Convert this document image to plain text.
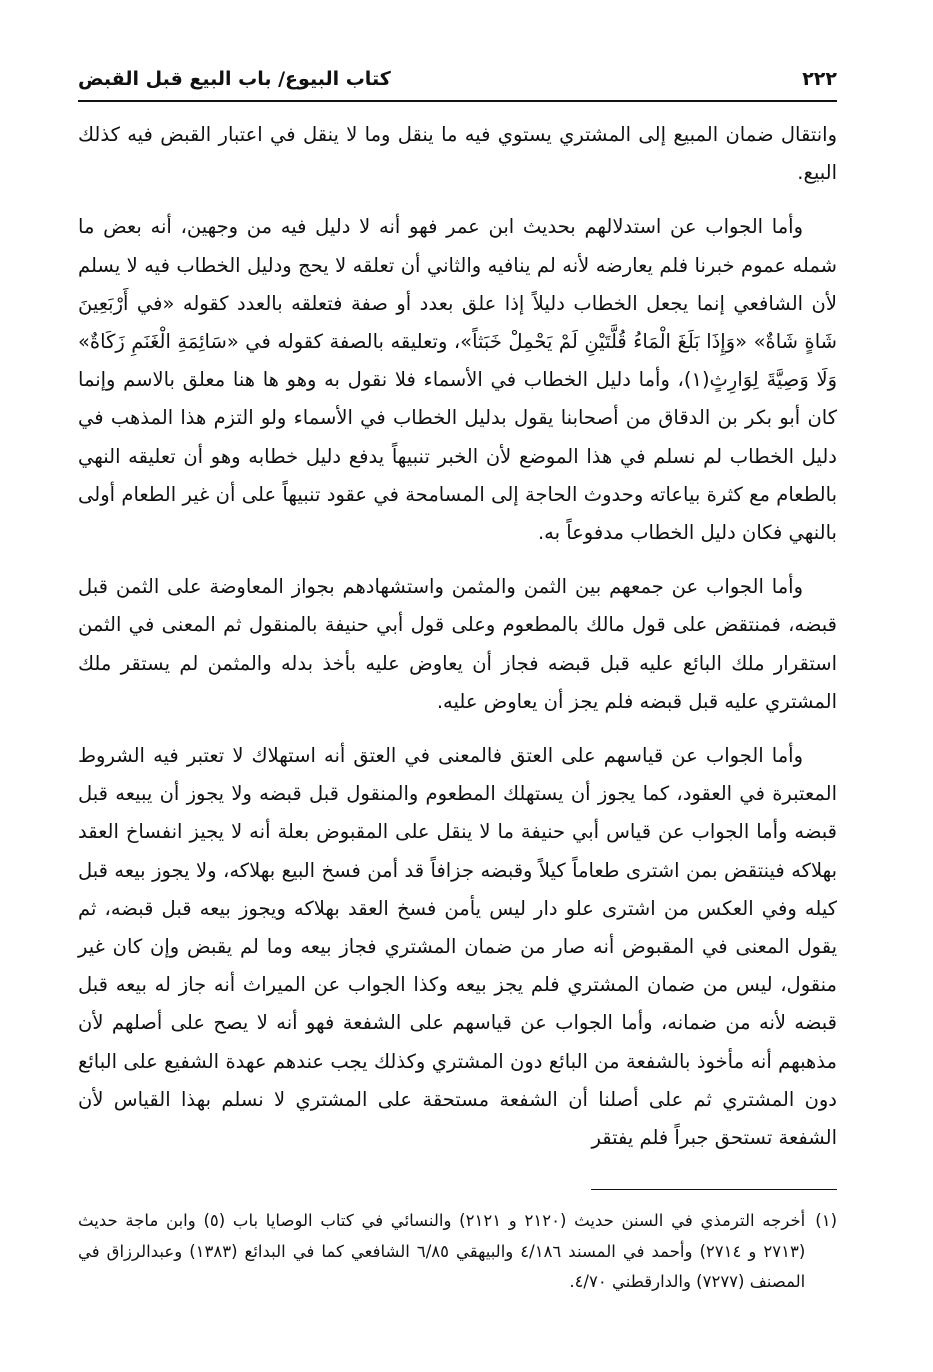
٢٢٢
كتاب البيوع/ باب البيع قبل القبض

وانتقال ضمان المبيع إلى المشتري يستوي فيه ما ينقل وما لا ينقل في اعتبار القبض فيه كذلك البيع.

وأما الجواب عن استدلالهم بحديث ابن عمر فهو أنه لا دليل فيه من وجهين، أنه بعض ما شمله عموم خبرنا فلم يعارضه لأنه لم ينافيه والثاني أن تعلقه لا يحج ودليل الخطاب فيه لا يسلم لأن الشافعي إنما يجعل الخطاب دليلاً إذا علق بعدد أو صفة فتعلقه بالعدد كقوله «في أَرْبَعِينَ شَاةٍ شَاةٌ» «وَإِذَا بَلَغَ الْمَاءُ قُلَّتَيْنِ لَمْ يَحْمِلْ خَبَثاً»، وتعليقه بالصفة كقوله في «سَائِمَةِ الْغَنَمِ زَكَاةٌ» وَلَا وَصِيَّةَ لِوَارِثٍ(١)، وأما دليل الخطاب في الأسماء فلا نقول به وهو ها هنا معلق بالاسم وإنما كان أبو بكر بن الدقاق من أصحابنا يقول بدليل الخطاب في الأسماء ولو التزم هذا المذهب في دليل الخطاب لم نسلم في هذا الموضع لأن الخبر تنبيهاً يدفع دليل خطابه وهو أن تعليقه النهي بالطعام مع كثرة بياعاته وحدوث الحاجة إلى المسامحة في عقود تنبيهاً على أن غير الطعام أولى بالنهي فكان دليل الخطاب مدفوعاً به.

وأما الجواب عن جمعهم بين الثمن والمثمن واستشهادهم بجواز المعاوضة على الثمن قبل قبضه، فمنتقض على قول مالك بالمطعوم وعلى قول أبي حنيفة بالمنقول ثم المعنى في الثمن استقرار ملك البائع عليه قبل قبضه فجاز أن يعاوض عليه بأخذ بدله والمثمن لم يستقر ملك المشتري عليه قبل قبضه فلم يجز أن يعاوض عليه.

وأما الجواب عن قياسهم على العتق فالمعنى في العتق أنه استهلاك لا تعتبر فيه الشروط المعتبرة في العقود، كما يجوز أن يستهلك المطعوم والمنقول قبل قبضه ولا يجوز أن يبيعه قبل قبضه وأما الجواب عن قياس أبي حنيفة ما لا ينقل على المقبوض بعلة أنه لا يجيز انفساخ العقد بهلاكه فينتقض بمن اشترى طعاماً كيلاً وقبضه جزافاً قد أمن فسخ البيع بهلاكه، ولا يجوز بيعه قبل كيله وفي العكس من اشترى علو دار ليس يأمن فسخ العقد بهلاكه ويجوز بيعه قبل قبضه، ثم يقول المعنى في المقبوض أنه صار من ضمان المشتري فجاز بيعه وما لم يقبض وإن كان غير منقول، ليس من ضمان المشتري فلم يجز بيعه وكذا الجواب عن الميراث أنه جاز له بيعه قبل قبضه لأنه من ضمانه، وأما الجواب عن قياسهم على الشفعة فهو أنه لا يصح على أصلهم لأن مذهبهم أنه مأخوذ بالشفعة من البائع دون المشتري وكذلك يجب عندهم عهدة الشفيع على البائع دون المشتري ثم على أصلنا أن الشفعة مستحقة على المشتري لا نسلم بهذا القياس لأن الشفعة تستحق جبراً فلم يفتقر

(١)
أخرجه الترمذي في السنن حديث (٢١٢٠ و ٢١٢١) والنسائي في كتاب الوصايا باب (٥) وابن ماجة حديث (٢٧١٣ و ٢٧١٤) وأحمد في المسند ٤/١٨٦ والبيهقي ٦/٨٥ الشافعي كما في البدائع (١٣٨٣) وعبدالرزاق في المصنف (٧٢٧٧) والدارقطني ٤/٧٠.
